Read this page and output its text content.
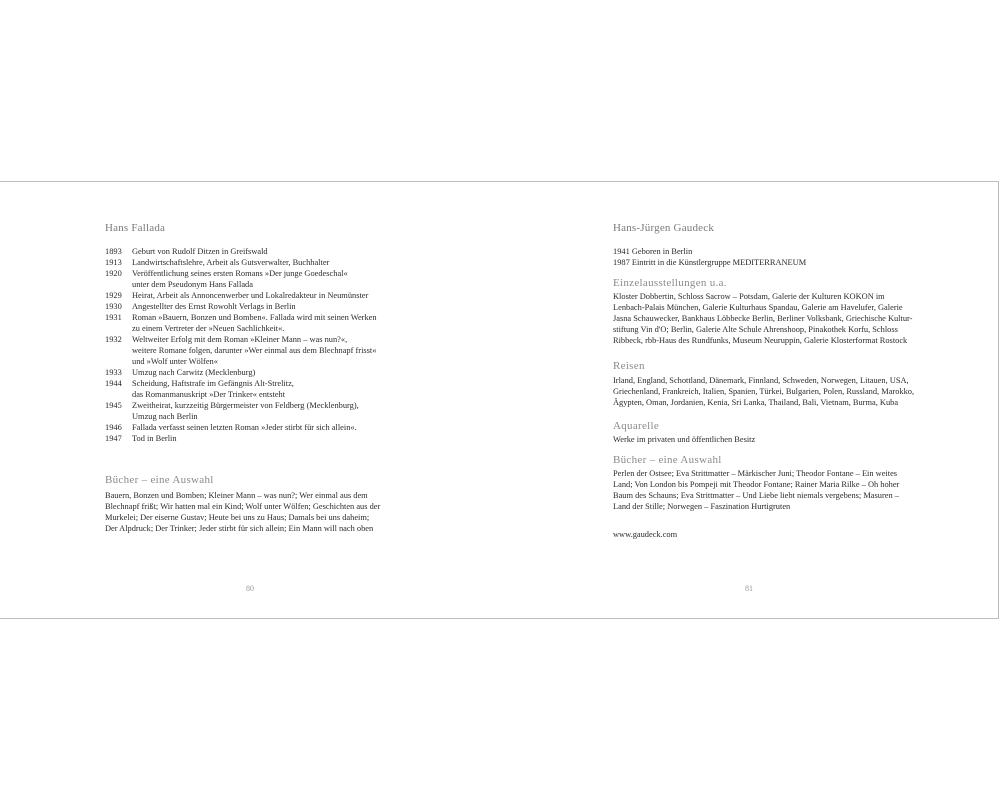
Hans Fallada
1893	Geburt von Rudolf Ditzen in Greifswald
1913	Landwirtschaftslehre, Arbeit als Gutsverwalter, Buchhalter
1920	Veröffentlichung seines ersten Romans »Der junge Goedeschal«
unter dem Pseudonym Hans Fallada
1929	Heirat, Arbeit als Annoncenwerber und Lokalredakteur in Neumünster
1930	Angestellter des Ernst Rowohlt Verlags in Berlin
1931	Roman »Bauern, Bonzen und Bomben«. Fallada wird mit seinen Werken
zu einem Vertreter der »Neuen Sachlichkeit«.
1932	Weltweiter Erfolg mit dem Roman »Kleiner Mann – was nun?«,
weitere Romane folgen, darunter »Wer einmal aus dem Blechnapf frisst«
und »Wolf unter Wölfen«
1933	Umzug nach Carwitz (Mecklenburg)
1944	Scheidung, Haftstrafe im Gefängnis Alt-Strelitz,
das Romanmanuskript »Der Trinker« entsteht
1945	Zweitheirat, kurzzeitig Bürgermeister von Feldberg (Mecklenburg),
Umzug nach Berlin
1946	Fallada verfasst seinen letzten Roman »Jeder stirbt für sich allein«.
1947	Tod in Berlin
Bücher – eine Auswahl
Bauern, Bonzen und Bomben; Kleiner Mann – was nun?; Wer einmal aus dem
Blechnapf frißt; Wir hatten mal ein Kind; Wolf unter Wölfen; Geschichten aus der
Murkelei; Der eiserne Gustav; Heute bei uns zu Haus; Damals bei uns daheim;
Der Alpdruck; Der Trinker; Jeder stirbt für sich allein; Ein Mann will nach oben
80
Hans-Jürgen Gaudeck
1941 Geboren in Berlin
1987 Eintritt in die Künstlergruppe MEDITERRANEUM
Einzelausstellungen u.a.
Kloster Dobbertin, Schloss Sacrow – Potsdam, Galerie der Kulturen KOKON im
Lenbach-Palais München, Galerie Kulturhaus Spandau, Galerie am Havelufer, Galerie
Jasna Schauwecker, Bankhaus Löbbecke Berlin, Berliner Volksbank, Griechische Kultur-
stiftung Vin d'O; Berlin, Galerie Alte Schule Ahrenshoop, Pinakothek Korfu, Schloss
Ribbeck, rbb-Haus des Rundfunks, Museum Neuruppin, Galerie Klosterformat Rostock
Reisen
Irland, England, Schottland, Dänemark, Finnland, Schweden, Norwegen, Litauen, USA,
Griechenland, Frankreich, Italien, Spanien, Türkei, Bulgarien, Polen, Russland, Marokko,
Ägypten, Oman, Jordanien, Kenia, Sri Lanka, Thailand, Bali, Vietnam, Burma, Kuba
Aquarelle
Werke im privaten und öffentlichen Besitz
Bücher – eine Auswahl
Perlen der Ostsee; Eva Strittmatter – Märkischer Juni; Theodor Fontane – Ein weites
Land; Von London bis Pompeji mit Theodor Fontane; Rainer Maria Rilke – Oh hoher
Baum des Schauns; Eva Strittmatter – Und Liebe liebt niemals vergebens; Masuren –
Land der Stille; Norwegen – Faszination Hurtigruten
www.gaudeck.com
81
